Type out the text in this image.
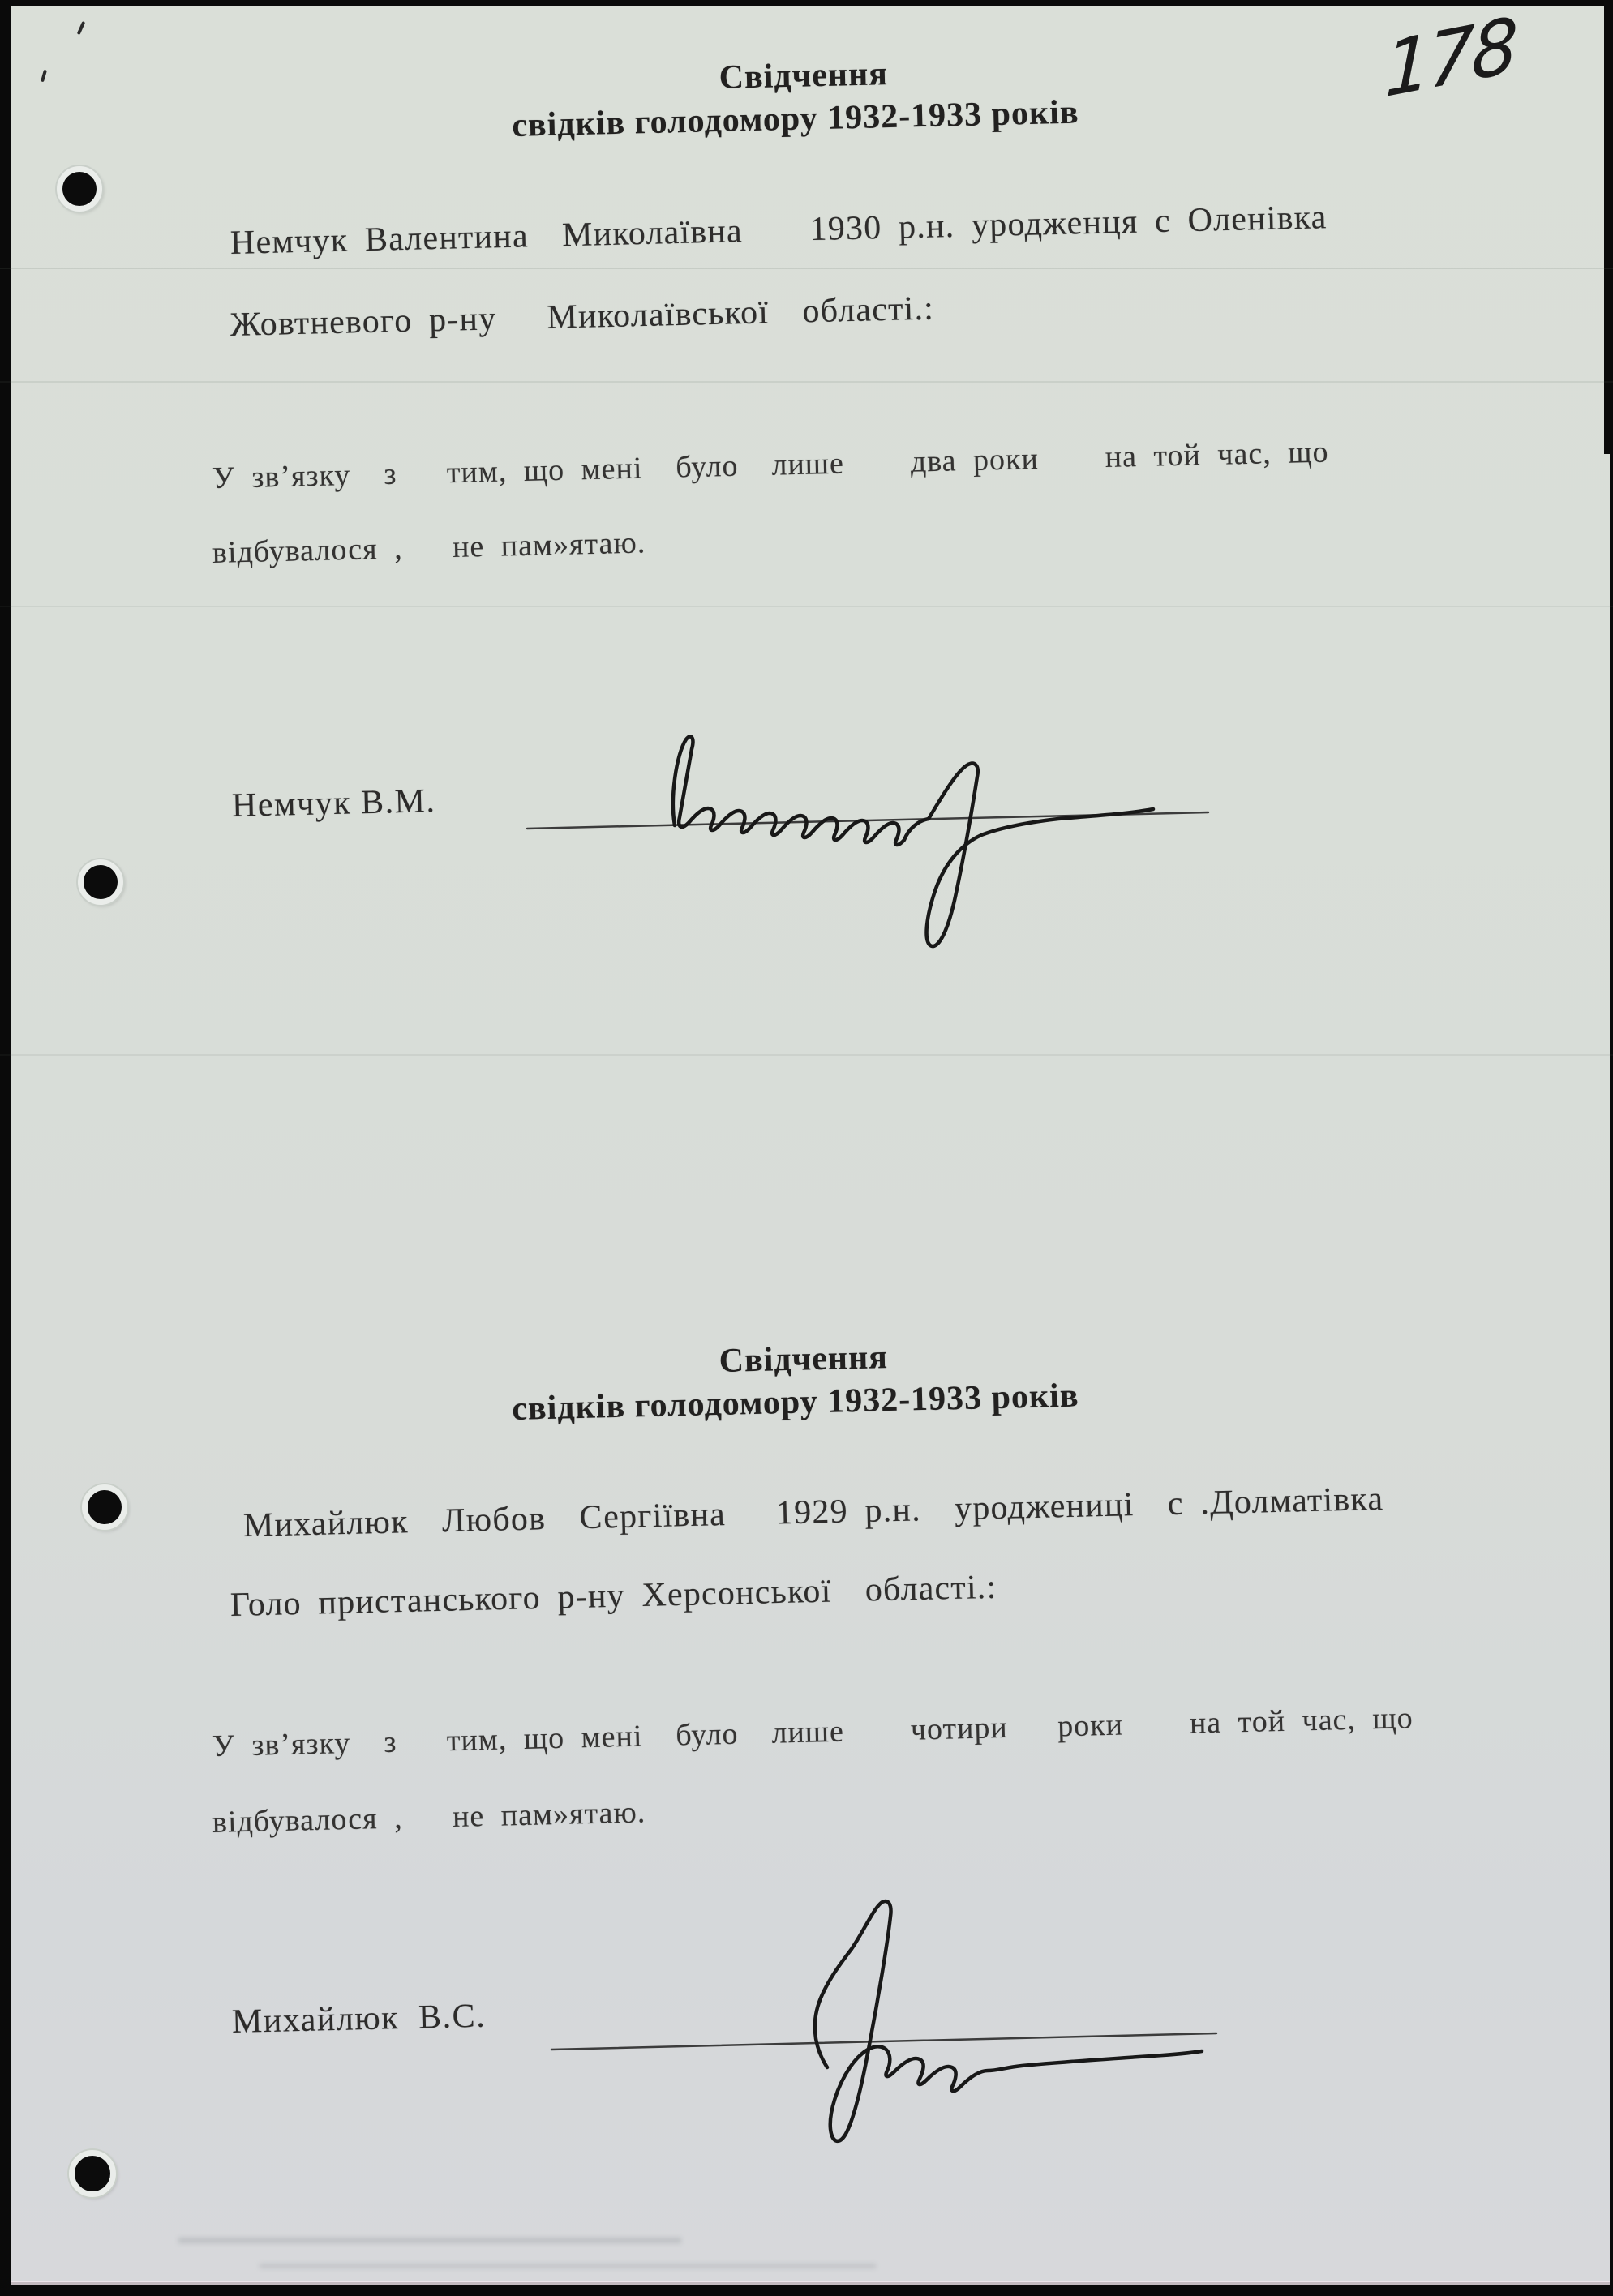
178
Свідчення
свідків голодомору 1932-1933 років
Немчук Валентина  Миколаївна    1930 р.н. уродженця с Оленівка
Жовтневого р-ну   Миколаївської  області.:
У зв’язку  з   тим, що мені  було  лише    два роки    на той час, що
відбувалося ,   не пам»ятаю.
Немчук В.М.
Свідчення
свідків голодомору 1932-1933 років
Михайлюк  Любов  Сергіївна   1929 р.н.  уроджениці  с .Долматівка
Голо пристанського р-ну Херсонської  області.:
У зв’язку  з   тим, що мені  було  лише    чотири   роки    на той час, що
відбувалося ,   не пам»ятаю.
Михайлюк  В.С.
